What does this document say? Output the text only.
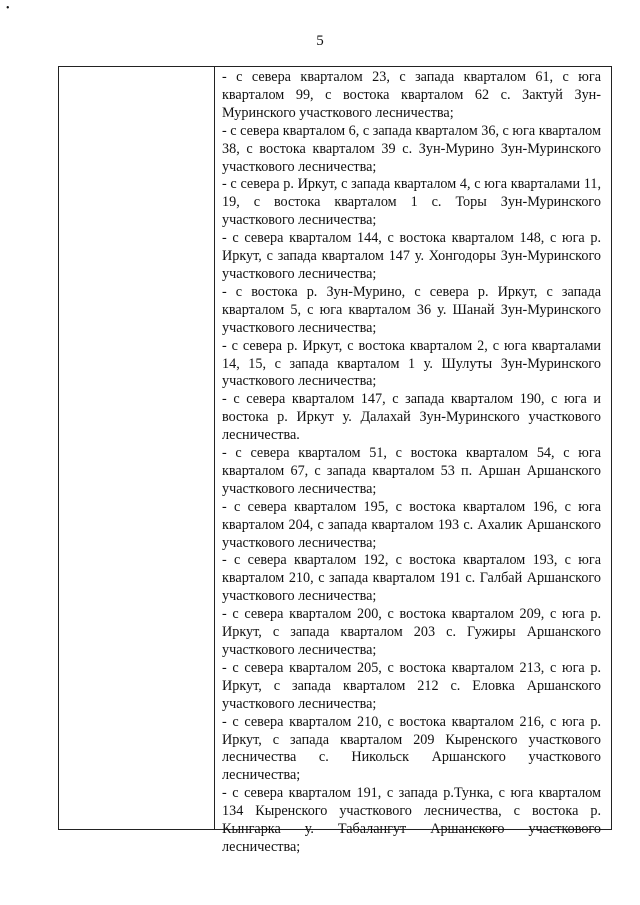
•
5

- с севера кварталом 23, с запада кварталом 61, с юга кварталом 99, с востока кварталом 62 с. Зактуй Зун-Муринского участкового лесничества;

- с севера кварталом 6, с запада кварталом 36, с юга кварталом 38, с востока кварталом 39 с. Зун-Мурино Зун-Муринского участкового лесничества;

- с севера р. Иркут, с запада кварталом 4, с юга кварталами 11, 19, с востока кварталом 1 с. Торы Зун-Муринского участкового лесничества;

- с севера кварталом 144, с востока кварталом 148, с юга р. Иркут, с запада кварталом 147 у. Хонгодоры Зун-Муринского участкового лесничества;

- с востока р. Зун-Мурино, с севера р. Иркут, с запада кварталом 5, с юга кварталом 36 у. Шанай Зун-Муринского участкового лесничества;

- с севера р. Иркут, с востока кварталом 2, с юга кварталами 14, 15, с запада кварталом 1 у. Шулуты Зун-Муринского участкового лесничества;

- с севера кварталом 147, с запада кварталом 190, с юга и востока р. Иркут у. Далахай Зун-Муринского участкового лесничества.

- с севера кварталом 51, с востока кварталом 54, с юга кварталом 67, с запада кварталом 53 п. Аршан Аршанского участкового лесничества;

- с севера кварталом 195, с востока кварталом 196, с юга кварталом 204, с запада кварталом 193 с. Ахалик Аршанского участкового лесничества;

- с севера кварталом 192, с востока кварталом 193, с юга кварталом 210, с запада кварталом 191 с. Галбай Аршанского участкового лесничества;

- с севера кварталом 200, с востока кварталом 209, с юга р. Иркут, с запада кварталом 203 с. Гужиры Аршанского участкового лесничества;

- с севера кварталом 205, с востока кварталом 213, с юга р. Иркут, с запада кварталом 212 с. Еловка Аршанского участкового лесничества;

- с севера кварталом 210, с востока кварталом 216, с юга р. Иркут, с запада кварталом 209 Кыренского участкового лесничества с. Никольск Аршанского участкового лесничества;

- с севера кварталом 191, с запада р.Тунка, с юга кварталом 134 Кыренского участкового лесничества, с востока р. Кынгарка у. Табалангут Аршанского участкового лесничества;
